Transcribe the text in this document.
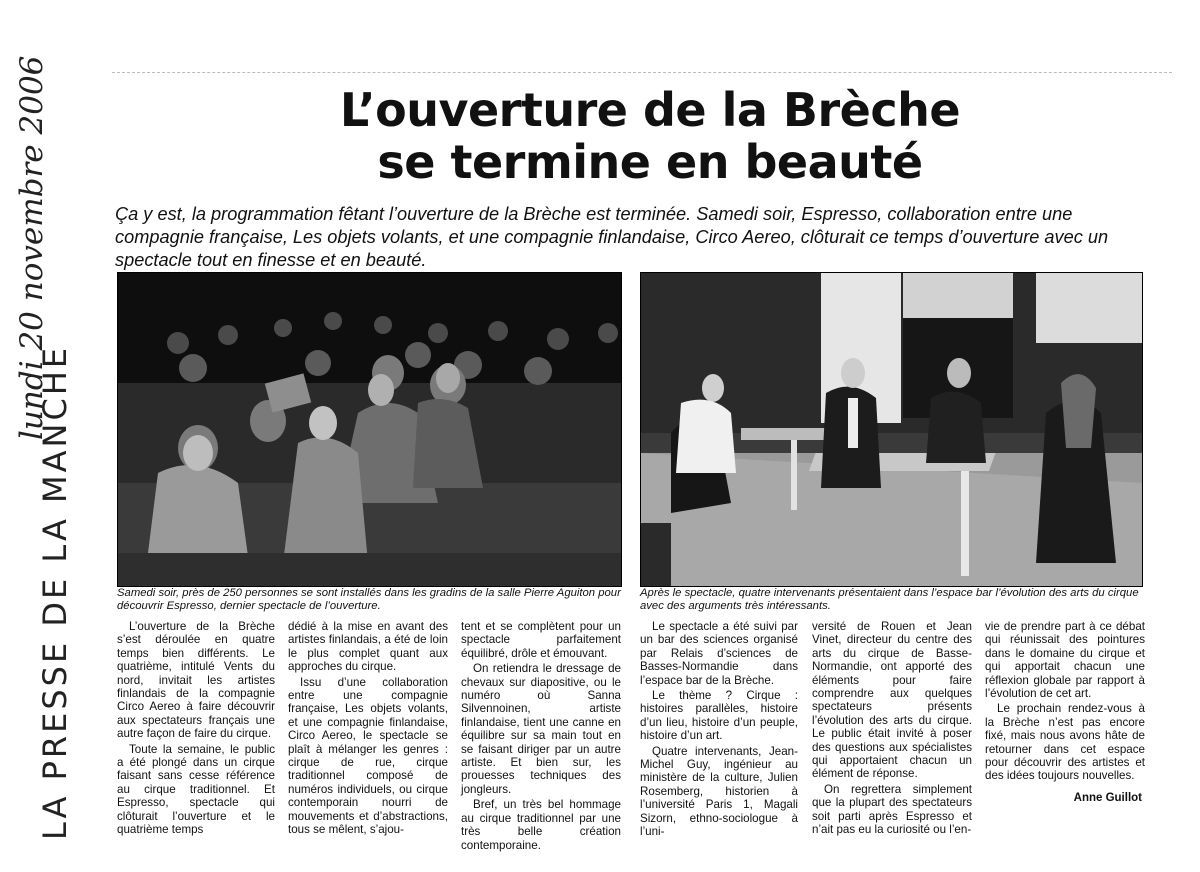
lundi 20 novembre 2006
LA PRESSE DE LA MANCHE
L’ouverture de la Brèche
se termine en beauté
Ça y est, la programmation fêtant l’ouverture de la Brèche est terminée. Samedi soir, Espresso, collaboration entre une compagnie française, Les objets volants, et une compagnie finlandaise, Circo Aereo, clôturait ce temps d’ouverture avec un spectacle tout en finesse et en beauté.
Samedi soir, près de 250 personnes se sont installés dans les gradins de la salle Pierre Aguiton pour découvrir Espresso, dernier spectacle de l’ouverture.
Après le spectacle, quatre intervenants présentaient dans l’espace bar l’évolution des arts du cirque avec des arguments très intéressants.

L’ouverture de la Brèche s’est déroulée en quatre temps bien différents. Le quatrième, intitulé Vents du nord, invitait les artistes finlandais de la compagnie Circo Aereo à faire découvrir aux spectateurs français une autre façon de faire du cirque.

Toute la semaine, le public a été plongé dans un cirque faisant sans cesse référence au cirque traditionnel. Et Espresso, spectacle qui clôturait l’ouverture et le quatrième temps

dédié à la mise en avant des artistes finlandais, a été de loin le plus complet quant aux approches du cirque.

Issu d’une collaboration entre une compagnie française, Les objets volants, et une compagnie finlandaise, Circo Aereo, le spectacle se plaît à mélanger les genres : cirque de rue, cirque traditionnel composé de numéros individuels, ou cirque contemporain nourri de mouvements et d’abstractions, tous se mêlent, s’ajou-

tent et se complètent pour un spectacle parfaitement équilibré, drôle et émouvant.

On retiendra le dressage de chevaux sur diapositive, ou le numéro où Sanna Silvennoinen, artiste finlandaise, tient une canne en équilibre sur sa main tout en se faisant diriger par un autre artiste. Et bien sur, les prouesses techniques des jongleurs.

Bref, un très bel hommage au cirque traditionnel par une très belle création contemporaine.

Le spectacle a été suivi par un bar des sciences organisé par Relais d’sciences de Basses-Normandie dans l’espace bar de la Brèche.

Le thème ? Cirque : histoires parallèles, histoire d’un lieu, histoire d’un peuple, histoire d’un art.

Quatre intervenants, Jean-Michel Guy, ingénieur au ministère de la culture, Julien Rosemberg, historien à l’université Paris 1, Magali Sizorn, ethno-sociologue à l’uni-

versité de Rouen et Jean Vinet, directeur du centre des arts du cirque de Basse-Normandie, ont apporté des éléments pour faire comprendre aux quelques spectateurs présents l’évolution des arts du cirque. Le public était invité à poser des questions aux spécialistes qui apportaient chacun un élément de réponse.

On regrettera simplement que la plupart des spectateurs soit parti après Espresso et n’ait pas eu la curiosité ou l’en-

vie de prendre part à ce débat qui réunissait des pointures dans le domaine du cirque et qui apportait chacun une réflexion globale par rapport à l’évolution de cet art.

Le prochain rendez-vous à la Brèche n’est pas encore fixé, mais nous avons hâte de retourner dans cet espace pour découvrir des artistes et des idées toujours nouvelles.

Anne Guillot
